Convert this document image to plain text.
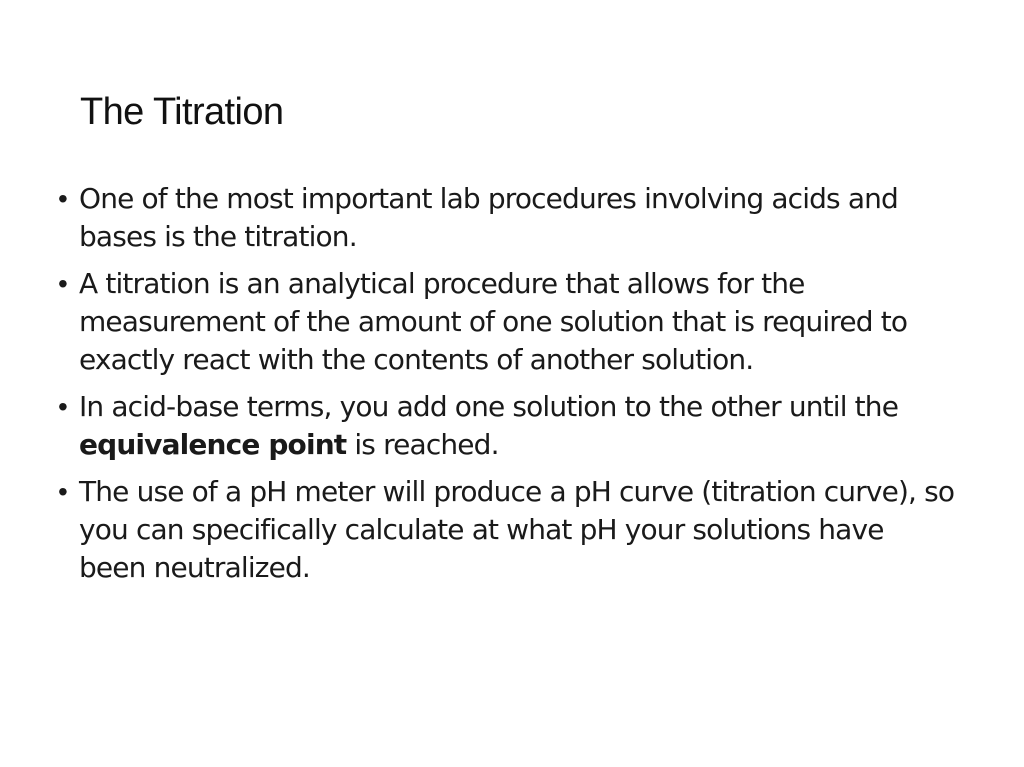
The Titration
• One of the most important lab procedures involving acids and bases is the titration.
• A titration is an analytical procedure that allows for the measurement of the amount of one solution that is required to exactly react with the contents of another solution.
• In acid-base terms, you add one solution to the other until the equivalence point is reached.
• The use of a pH meter will produce a pH curve (titration curve), so you can specifically calculate at what pH your solutions have been neutralized.
